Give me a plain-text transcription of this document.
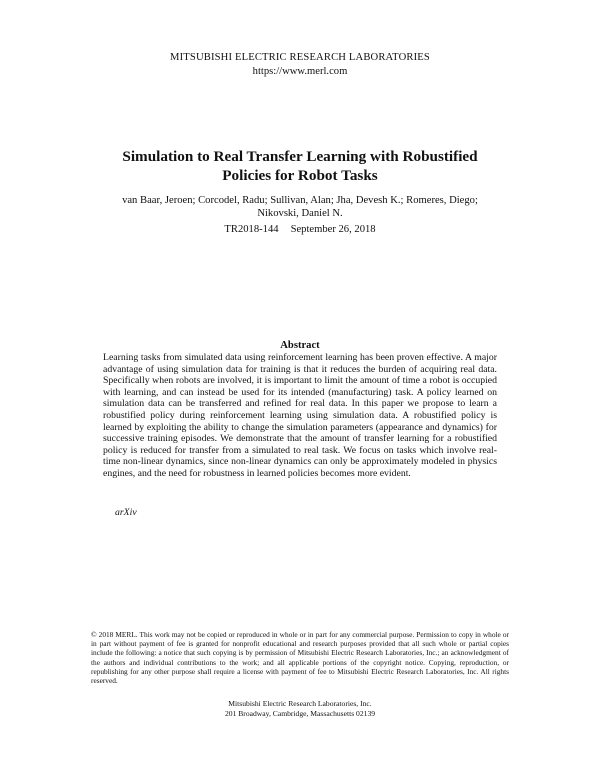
MITSUBISHI ELECTRIC RESEARCH LABORATORIES
https://www.merl.com
Simulation to Real Transfer Learning with Robustified
Policies for Robot Tasks
van Baar, Jeroen; Corcodel, Radu; Sullivan, Alan; Jha, Devesh K.; Romeres, Diego; Nikovski, Daniel N.
TR2018-144 September 26, 2018
Abstract
Learning tasks from simulated data using reinforcement learning has been proven effective. A major advantage of using simulation data for training is that it reduces the burden of acquiring real data. Specifically when robots are involved, it is important to limit the amount of time a robot is occupied with learning, and can instead be used for its intended (manufacturing) task. A policy learned on simulation data can be transferred and refined for real data. In this paper we propose to learn a robustified policy during reinforcement learning using simulation data. A robustified policy is learned by exploiting the ability to change the simulation parameters (appearance and dynamics) for successive training episodes. We demonstrate that the amount of transfer learning for a robustified policy is reduced for transfer from a simulated to real task. We focus on tasks which involve real-time non-linear dynamics, since non-linear dynamics can only be approximately modeled in physics engines, and the need for robustness in learned policies becomes more evident.
arXiv
© 2018 MERL. This work may not be copied or reproduced in whole or in part for any commercial purpose. Permission to copy in whole or in part without payment of fee is granted for nonprofit educational and research purposes provided that all such whole or partial copies include the following: a notice that such copying is by permission of Mitsubishi Electric Research Laboratories, Inc.; an acknowledgment of the authors and individual contributions to the work; and all applicable portions of the copyright notice. Copying, reproduction, or republishing for any other purpose shall require a license with payment of fee to Mitsubishi Electric Research Laboratories, Inc. All rights reserved.
Mitsubishi Electric Research Laboratories, Inc.
201 Broadway, Cambridge, Massachusetts 02139
